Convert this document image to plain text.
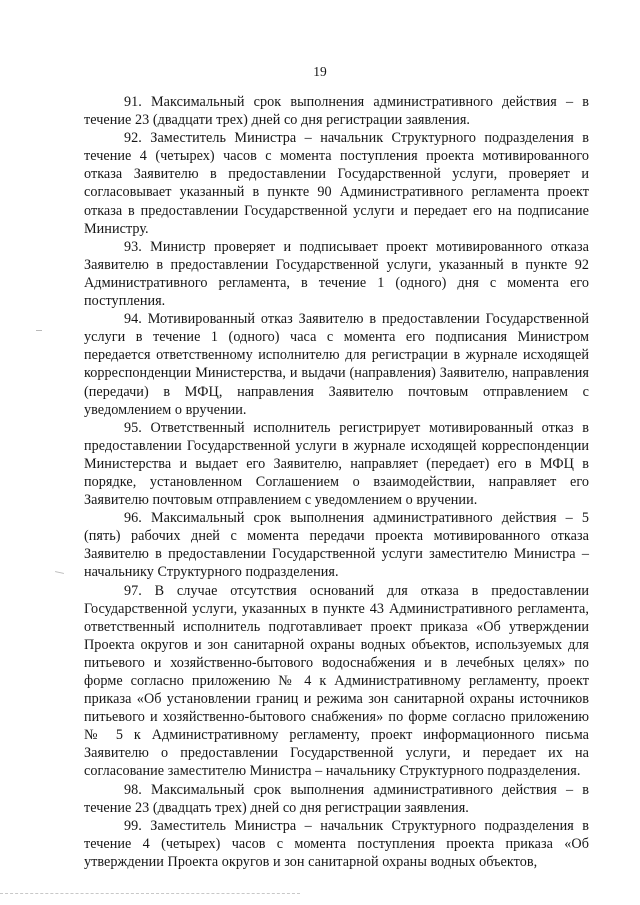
19

91. Максимальный срок выполнения административного действия – в течение 23 (двадцати трех) дней со дня регистрации заявления.

92. Заместитель Министра – начальник Структурного подразделения в течение 4 (четырех) часов с момента поступления проекта мотивированного отказа Заявителю в предоставлении Государственной услуги, проверяет и согласовывает указанный в пункте 90 Административного регламента проект отказа в предоставлении Государственной услуги и передает его на подписание Министру.

93. Министр проверяет и подписывает проект мотивированного отказа Заявителю в предоставлении Государственной услуги, указанный в пункте 92 Административного регламента, в течение 1 (одного) дня с момента его поступления.

94. Мотивированный отказ Заявителю в предоставлении Государственной услуги в течение 1 (одного) часа с момента его подписания Министром передается ответственному исполнителю для регистрации в журнале исходящей корреспонденции Министерства, и выдачи (направления) Заявителю, направления (передачи) в МФЦ, направления Заявителю почтовым отправлением с уведомлением о вручении.

95. Ответственный исполнитель регистрирует мотивированный отказ в предоставлении Государственной услуги в журнале исходящей корреспонденции Министерства и выдает его Заявителю, направляет (передает) его в МФЦ в порядке, установленном Соглашением о взаимодействии, направляет его Заявителю почтовым отправлением с уведомлением о вручении.

96. Максимальный срок выполнения административного действия – 5 (пять) рабочих дней с момента передачи проекта мотивированного отказа Заявителю в предоставлении Государственной услуги заместителю Министра – начальнику Структурного подразделения.

97. В случае отсутствия оснований для отказа в предоставлении Государственной услуги, указанных в пункте 43 Административного регламента, ответственный исполнитель подготавливает проект приказа «Об утверждении Проекта округов и зон санитарной охраны водных объектов, используемых для питьевого и хозяйственно-бытового водоснабжения и в лечебных целях» по форме согласно приложению № 4 к Административному регламенту, проект приказа «Об установлении границ и режима зон санитарной охраны источников питьевого и хозяйственно-бытового снабжения» по форме согласно приложению № 5 к Административному регламенту, проект информационного письма Заявителю о предоставлении Государственной услуги, и передает их на согласование заместителю Министра – начальнику Структурного подразделения.

98. Максимальный срок выполнения административного действия – в течение 23 (двадцать трех) дней со дня регистрации заявления.

99. Заместитель Министра – начальник Структурного подразделения в течение 4 (четырех) часов с момента поступления проекта приказа «Об утверждении Проекта округов и зон санитарной охраны водных объектов,
